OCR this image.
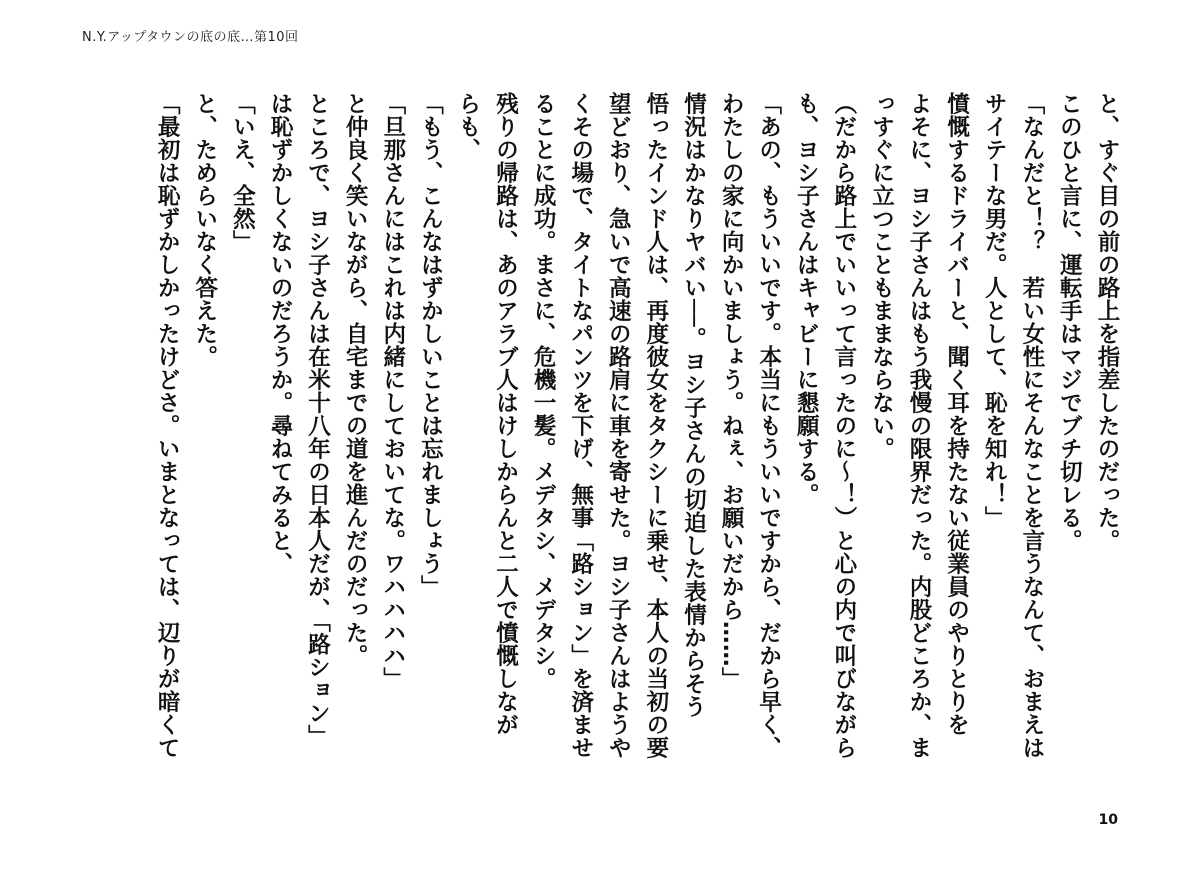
N.Y.アップタウンの底の底…第10回

と、すぐ目の前の路上を指差したのだった。

このひと言に、運転手はマジでブチ切レる。

「なんだと！？　若い女性にそんなことを言うなんて、おまえは

サイテーな男だ。人として、恥を知れ！」

憤慨するドライバーと、聞く耳を持たない従業員のやりとりを

よそに、ヨシ子さんはもう我慢の限界だった。内股どころか、ま

っすぐに立つこともままならない。

（だから路上でいいって言ったのに～！）と心の内で叫びながら

も、ヨシ子さんはキャビーに懇願する。

「あの、もういいです。本当にもういいですから、だから早く、

わたしの家に向かいましょう。ねぇ、お願いだから……」

情況はかなりヤバい──。ヨシ子さんの切迫した表情からそう

悟ったインド人は、再度彼女をタクシーに乗せ、本人の当初の要

望どおり、急いで高速の路肩に車を寄せた。ヨシ子さんはようや

くその場で、タイトなパンツを下げ、無事「路ション」を済ませ

ることに成功。まさに、危機一髪。メデタシ、メデタシ。

残りの帰路は、あのアラブ人はけしからんと二人で憤慨しなが

らも、

「もう、こんなはずかしいことは忘れましょう」

「旦那さんにはこれは内緒にしておいてな。ワハハハハ」

と仲良く笑いながら、自宅までの道を進んだのだった。

ところで、ヨシ子さんは在米十八年の日本人だが、「路ション」

は恥ずかしくないのだろうか。尋ねてみると、

「いえ、全然」

と、ためらいなく答えた。

「最初は恥ずかしかったけどさ。いまとなっては、辺りが暗くて

10
